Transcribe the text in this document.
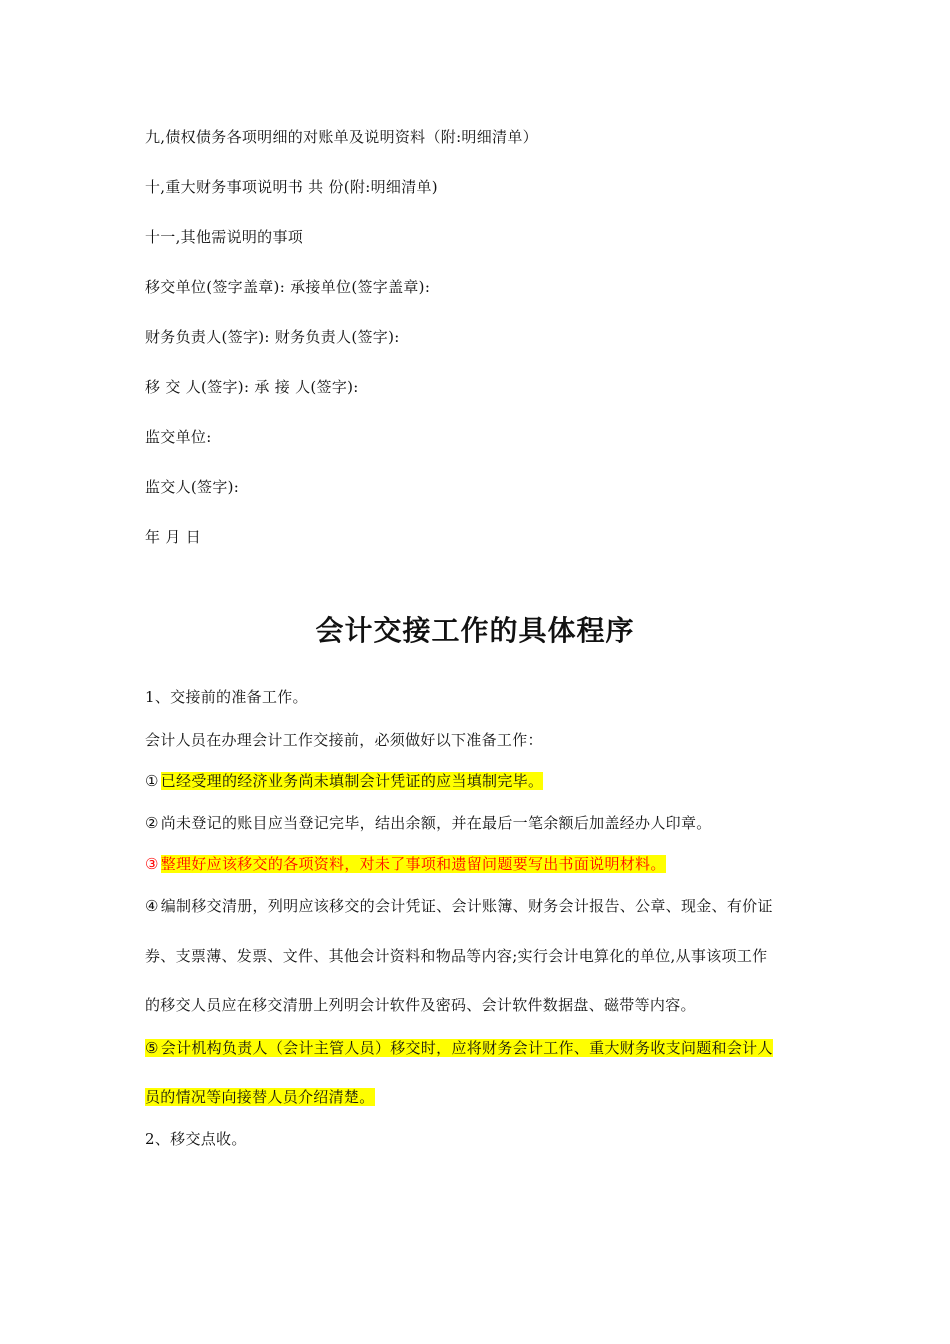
九,债权债务各项明细的对账单及说明资料（附:明细清单）
十,重大财务事项说明书 共 份(附:明细清单)
十一,其他需说明的事项
移交单位(签字盖章): 承接单位(签字盖章):
财务负责人(签字): 财务负责人(签字):
移 交 人(签字): 承 接 人(签字):
监交单位:
监交人(签字):
年 月 日
会计交接工作的具体程序
1、交接前的准备工作。
会计人员在办理会计工作交接前，必须做好以下准备工作：
① 已经受理的经济业务尚未填制会计凭证的应当填制完毕。
② 尚未登记的账目应当登记完毕，结出余额，并在最后一笔余额后加盖经办人印章。
③ 整理好应该移交的各项资料，对未了事项和遗留问题要写出书面说明材料。
④ 编制移交清册，列明应该移交的会计凭证、会计账簿、财务会计报告、公章、现金、有价证
券、支票薄、发票、文件、其他会计资料和物品等内容;实行会计电算化的单位,从事该项工作
的移交人员应在移交清册上列明会计软件及密码、会计软件数据盘、磁带等内容。
⑤ 会计机构负责人（会计主管人员）移交时，应将财务会计工作、重大财务收支问题和会计人
员的情况等向接替人员介绍清楚。
2、移交点收。
